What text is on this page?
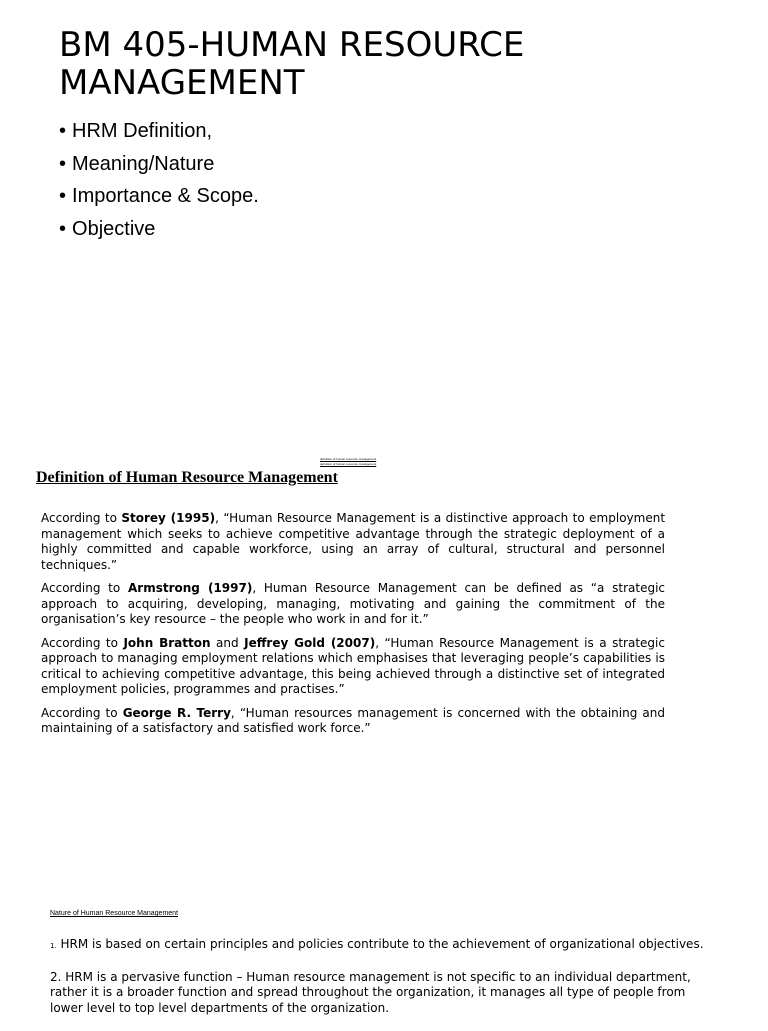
BM 405-HUMAN RESOURCE MANAGEMENT
• HRM Definition,
• Meaning/Nature
• Importance & Scope.
• Objective
definition of human resource management
definition of human resource management
Definition of Human Resource Management

According to Storey (1995), “Human Resource Management is a distinctive approach to employment management which seeks to achieve competitive advantage through the strategic deployment of a highly committed and capable workforce, using an array of cultural, structural and personnel techniques.”

According to Armstrong (1997), Human Resource Management can be defined as “a strategic approach to acquiring, developing, managing, motivating and gaining the commitment of the organisation’s key resource – the people who work in and for it.”

According to John Bratton and Jeffrey Gold (2007), “Human Resource Management is a strategic approach to managing employment relations which emphasises that leveraging people’s capabilities is critical to achieving competitive advantage, this being achieved through a distinctive set of integrated employment policies, programmes and practises.”

According to George R. Terry, “Human resources management is concerned with the obtaining and maintaining of a satisfactory and satisfied work force.”

Nature of Human Resource Management

1. HRM is based on certain principles and policies contribute to the achievement of organizational objectives.

2. HRM is a pervasive function – Human resource management is not specific to an individual department, rather it is a broader function and spread throughout the organization, it manages all type of people from lower level to top level departments of the organization.
